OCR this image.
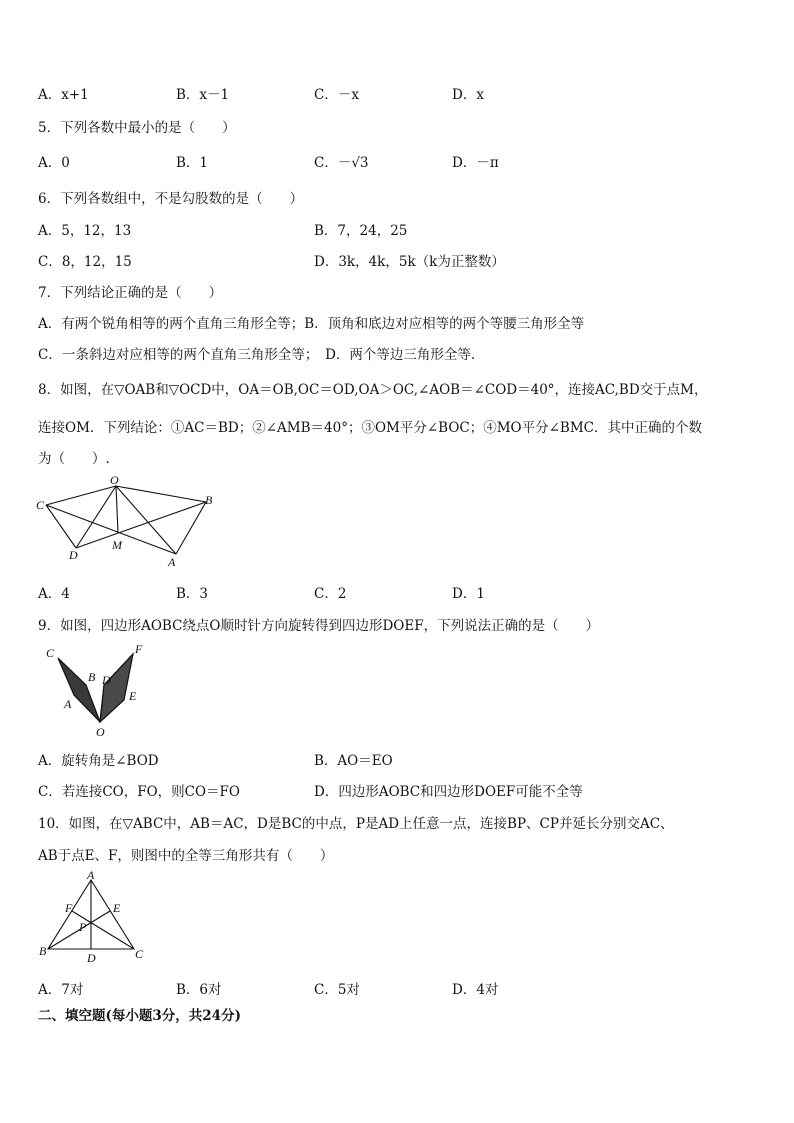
A．x+1	B．x－1	C．－x	D．x
5．下列各数中最小的是（　　）
A．0	B．1	C．－√3	D．－π
6．下列各数组中，不是勾股数的是（　　）
A．5，12，13	B．7，24，25
C．8，12，15	D．3k，4k，5k（k为正整数）
7．下列结论正确的是（　　）
A．有两个锐角相等的两个直角三角形全等；B．顶角和底边对应相等的两个等腰三角形全等
C．一条斜边对应相等的两个直角三角形全等；　D．两个等边三角形全等.
8．如图，在▽OAB和▽OCD中，OA＝OB,OC＝OD,OA＞OC,∠AOB＝∠COD＝40°，连接AC,BD交于点M，
连接OM．下列结论：①AC＝BD；②∠AMB＝40°；③OM平分∠BOC；④MO平分∠BMC．其中正确的个数
为（　　）.
O
B
C
D
M
A
A．4	B．3	C．2	D．1
9．如图，四边形AOBC绕点O顺时针方向旋转得到四边形DOEF，下列说法正确的是（　　）
C
B
A
F
D
E
O
A．旋转角是∠BOD	B．AO＝EO
C．若连接CO，FO，则CO＝FO	D．四边形AOBC和四边形DOEF可能不全等
10．如图，在▽ABC中，AB＝AC，D是BC的中点，P是AD上任意一点，连接BP、CP并延长分别交AC、
AB于点E、F，则图中的全等三角形共有（　　）
A
F	E
P
B	D	C
A．7对	B．6对	C．5对	D．4对
二、填空题(每小题3分，共24分)
